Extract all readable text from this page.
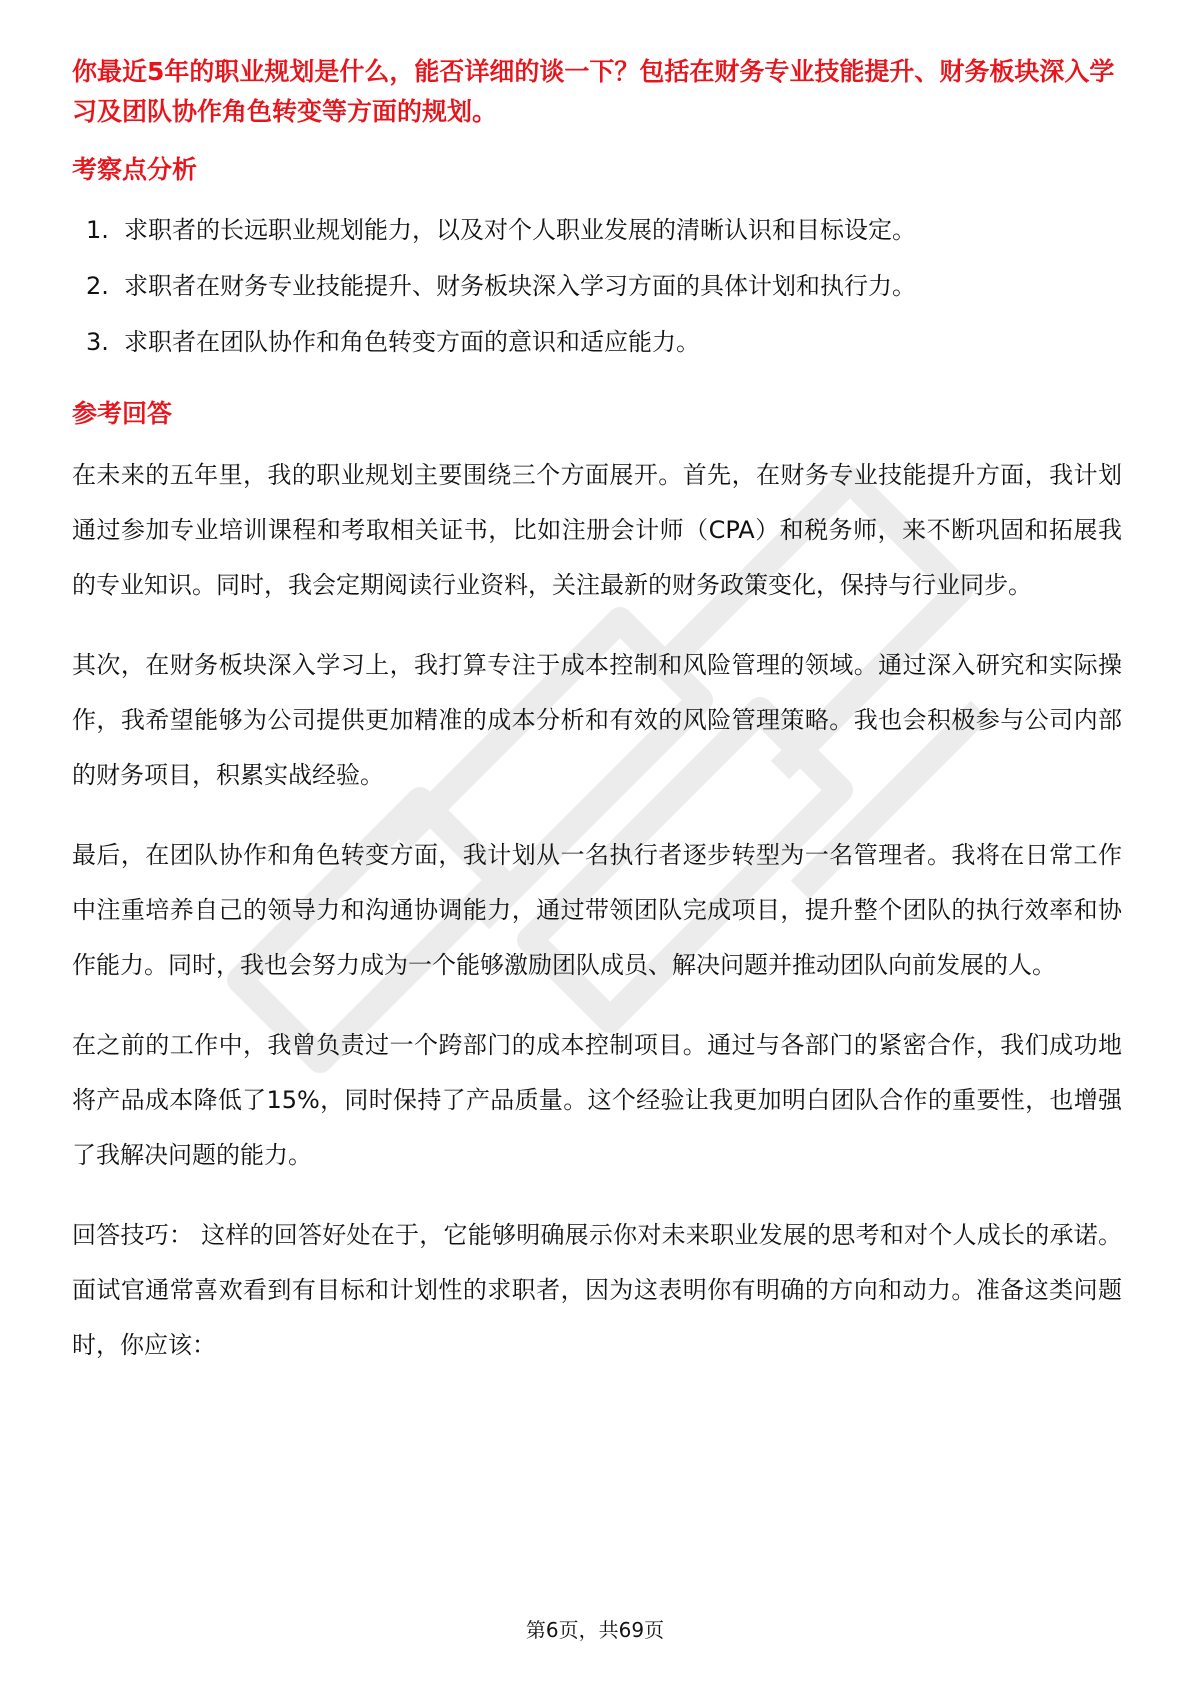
你最近5年的职业规划是什么，能否详细的谈一下？包括在财务专业技能提升、财务板块深入学习及团队协作角色转变等方面的规划。

考察点分析
1. 求职者的长远职业规划能力，以及对个人职业发展的清晰认识和目标设定。
2. 求职者在财务专业技能提升、财务板块深入学习方面的具体计划和执行力。
3. 求职者在团队协作和角色转变方面的意识和适应能力。
参考回答

在未来的五年里，我的职业规划主要围绕三个方面展开。首先，在财务专业技能提升方面，我计划通过参加专业培训课程和考取相关证书，比如注册会计师（CPA）和税务师，来不断巩固和拓展我的专业知识。同时，我会定期阅读行业资料，关注最新的财务政策变化，保持与行业同步。

其次，在财务板块深入学习上，我打算专注于成本控制和风险管理的领域。通过深入研究和实际操作，我希望能够为公司提供更加精准的成本分析和有效的风险管理策略。我也会积极参与公司内部的财务项目，积累实战经验。

最后，在团队协作和角色转变方面，我计划从一名执行者逐步转型为一名管理者。我将在日常工作中注重培养自己的领导力和沟通协调能力，通过带领团队完成项目，提升整个团队的执行效率和协作能力。同时，我也会努力成为一个能够激励团队成员、解决问题并推动团队向前发展的人。

在之前的工作中，我曾负责过一个跨部门的成本控制项目。通过与各部门的紧密合作，我们成功地将产品成本降低了15%，同时保持了产品质量。这个经验让我更加明白团队合作的重要性，也增强了我解决问题的能力。

回答技巧： 这样的回答好处在于，它能够明确展示你对未来职业发展的思考和对个人成长的承诺。面试官通常喜欢看到有目标和计划性的求职者，因为这表明你有明确的方向和动力。准备这类问题时，你应该：

第6页，共69页
